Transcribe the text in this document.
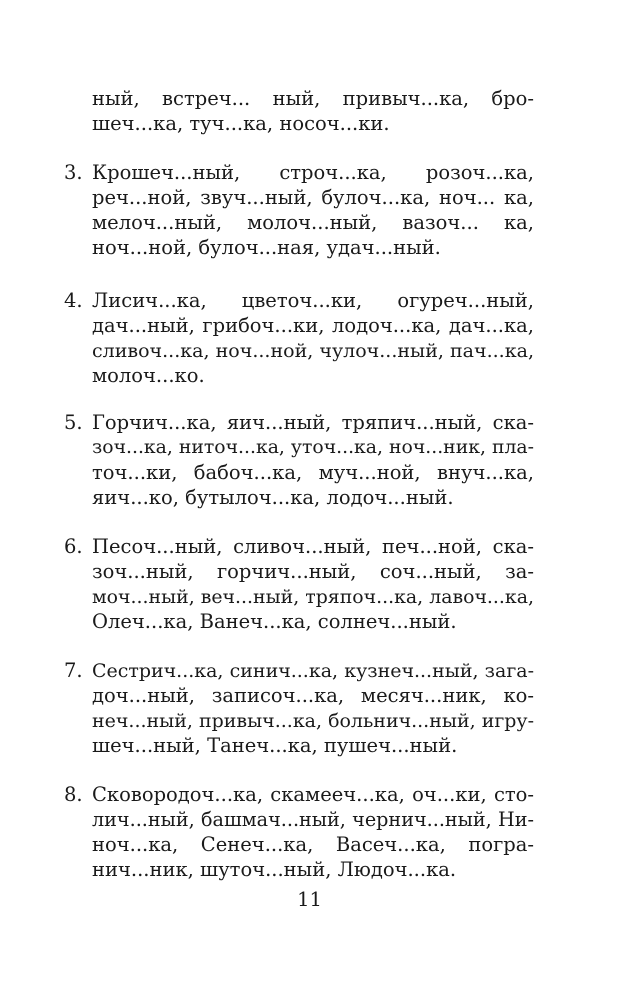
ный, встреч... ный, привыч...ка, бро-
шеч...ка, туч...ка, носоч...ки.
3. Крошеч...ный, строч...ка, розоч...ка,
реч...ной, звуч...ный, булоч...ка, ноч... ка,
мелоч...ный, молоч...ный, вазоч... ка,
ноч...ной, булоч...ная, удач...ный.
4. Лисич...ка, цветоч...ки, огуреч...ный,
дач...ный, грибоч...ки, лодоч...ка, дач...ка,
сливоч...ка, ноч...ной, чулоч...ный, пач...ка,
молоч...ко.
5. Горчич...ка, яич...ный, тряпич...ный, ска-
зоч...ка, ниточ...ка, уточ...ка, ноч...ник, пла-
точ...ки, бабоч...ка, муч...ной, внуч...ка,
яич...ко, бутылоч...ка, лодоч...ный.
6. Песоч...ный, сливоч...ный, печ...ной, ска-
зоч...ный, горчич...ный, соч...ный, за-
моч...ный, веч...ный, тряпоч...ка, лавоч...ка,
Олеч...ка, Ванеч...ка, солнеч...ный.
7. Сестрич...ка, синич...ка, кузнеч...ный, зага-
доч...ный, записоч...ка, месяч...ник, ко-
неч...ный, привыч...ка, больнич...ный, игру-
шеч...ный, Танеч...ка, пушеч...ный.
8. Сковородоч...ка, скамееч...ка, оч...ки, сто-
лич...ный, башмач...ный, чернич...ный, Ни-
ноч...ка, Сенеч...ка, Васеч...ка, погра-
нич...ник, шуточ...ный, Людоч...ка.
11
